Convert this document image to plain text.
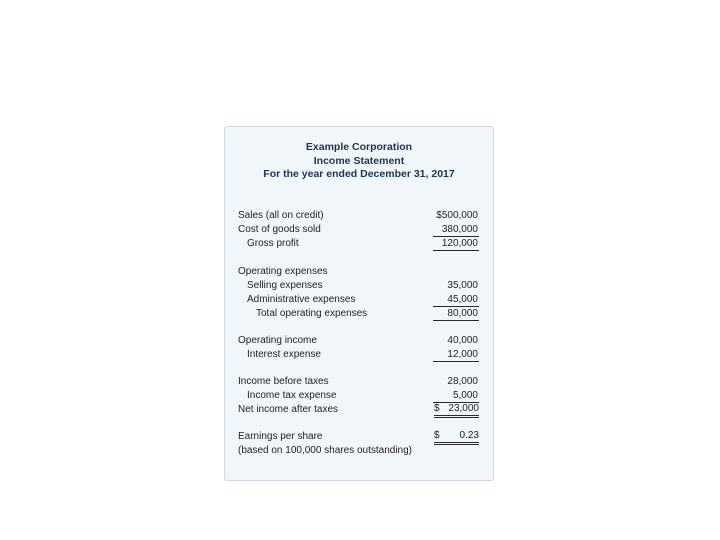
Example Corporation
Income Statement
For the year ended December 31, 2017
Sales (all on credit)	$500,000
Cost of goods sold	380,000
Gross profit	120,000
Operating expenses
Selling expenses	35,000
Administrative expenses	45,000
Total operating expenses	80,000
Operating income	40,000
Interest expense	12,000
Income before taxes	28,000
Income tax expense	5,000
Net income after taxes	$ 23,000
Earnings per share	$ 0.23
(based on 100,000 shares outstanding)
